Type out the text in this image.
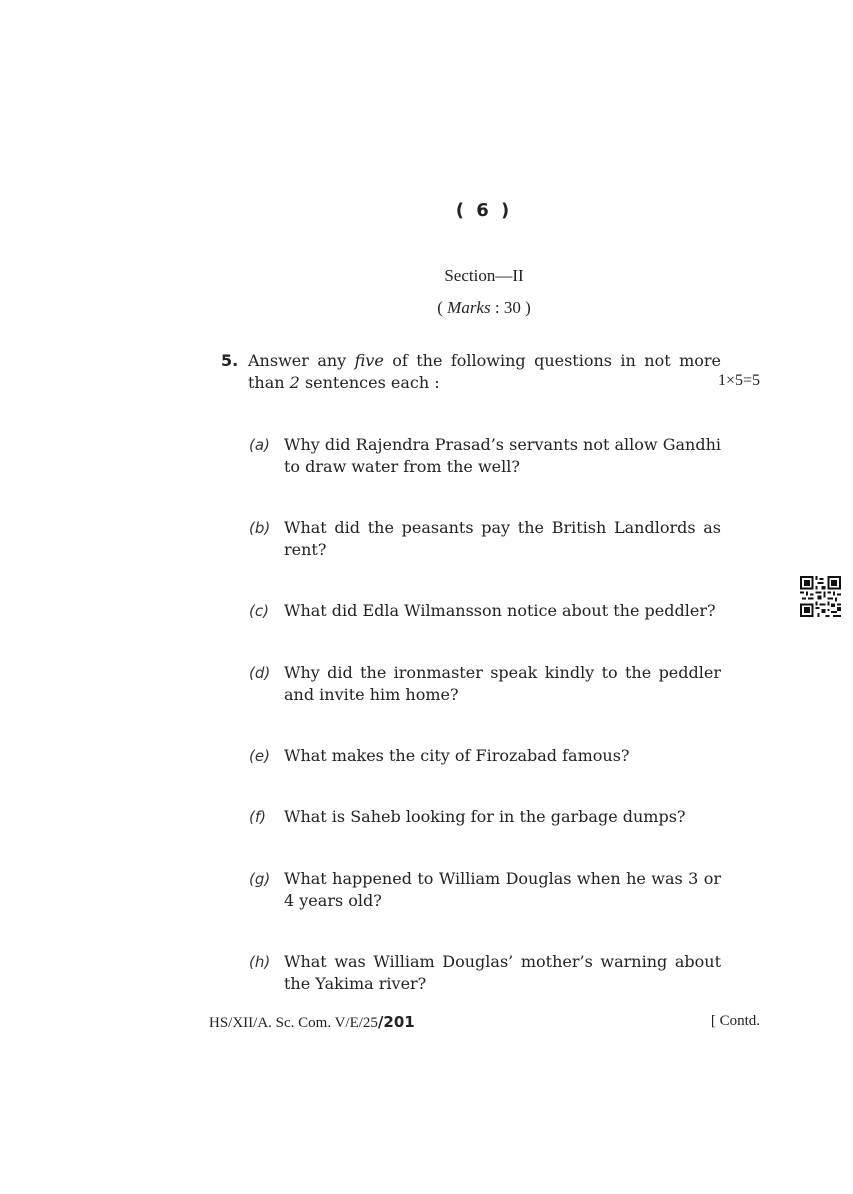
( 6 )
Section—II
( Marks : 30 )
5. Answer any five of the following questions in not more
than 2 sentences each :	1×5=5
(a) Why did Rajendra Prasad’s servants not allow Gandhi
to draw water from the well?
(b) What did the peasants pay the British Landlords as
rent?
(c) What did Edla Wilmansson notice about the peddler?
(d) Why did the ironmaster speak kindly to the peddler
and invite him home?
(e) What makes the city of Firozabad famous?
(f) What is Saheb looking for in the garbage dumps?
(g) What happened to William Douglas when he was 3 or
4 years old?
(h) What was William Douglas’ mother’s warning about
the Yakima river?
HS/XII/A. Sc. Com. V/E/25/201	[ Contd.
